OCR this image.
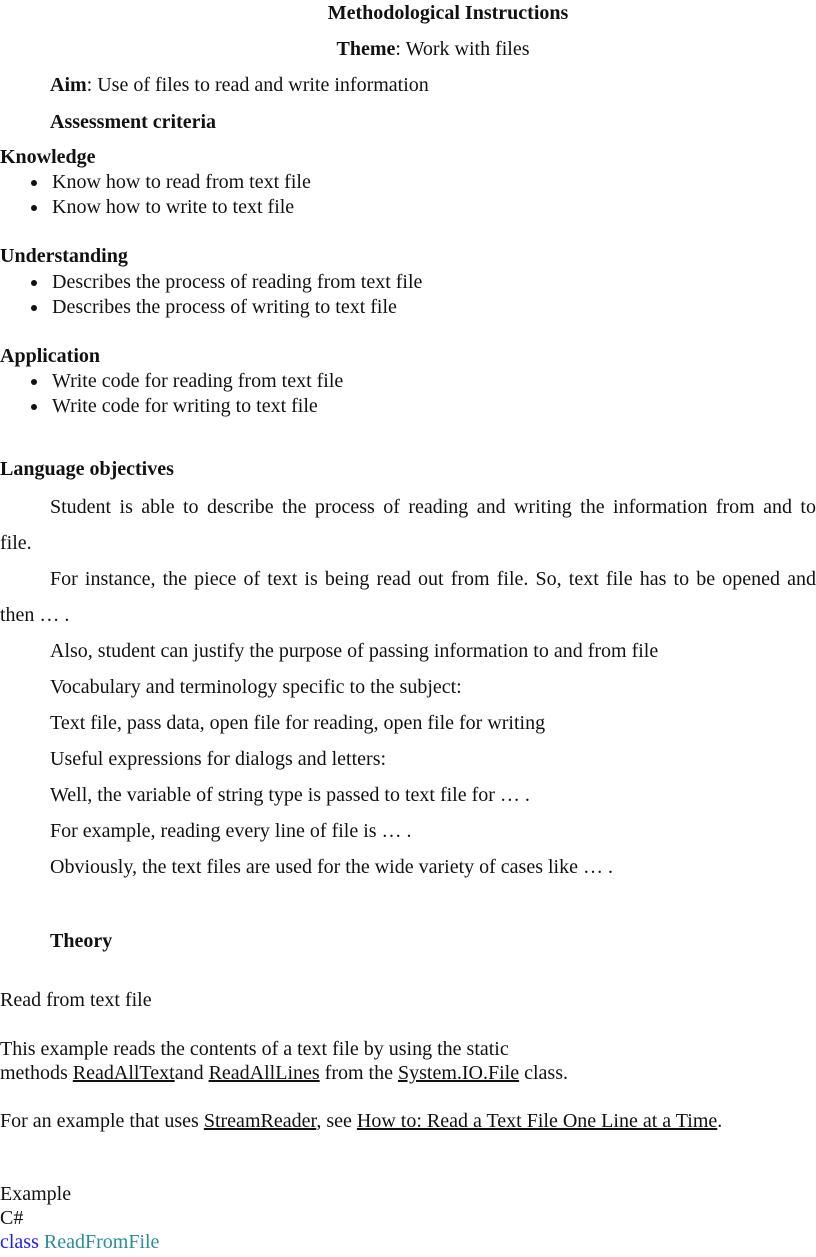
Methodological Instructions
Theme: Work with files
Aim: Use of files to read and write information
Assessment criteria
Knowledge
Know how to read from text file
Know how to write to text file
Understanding
Describes the process of reading from text file
Describes the process of writing to text file
Application
Write code for reading from text file
Write code for writing to text file
Language objectives
Student is able to describe the process of reading and writing the information from and to
file.
For instance, the piece of text is being read out from file. So, text file has to be opened and
then … .
Also, student can justify the purpose of passing information to and from file
Vocabulary and terminology specific to the subject:
Text file, pass data, open file for reading, open file for writing
Useful expressions for dialogs and letters:
Well, the variable of string type is passed to text file for … .
For example, reading every line of file is … .
Obviously, the text files are used for the wide variety of cases like … .
Theory
Read from text file
This example reads the contents of a text file by using the static
methods ReadAllTextand ReadAllLines from the System.IO.File class.
For an example that uses StreamReader, see How to: Read a Text File One Line at a Time.
Example
C#
class ReadFromFile
